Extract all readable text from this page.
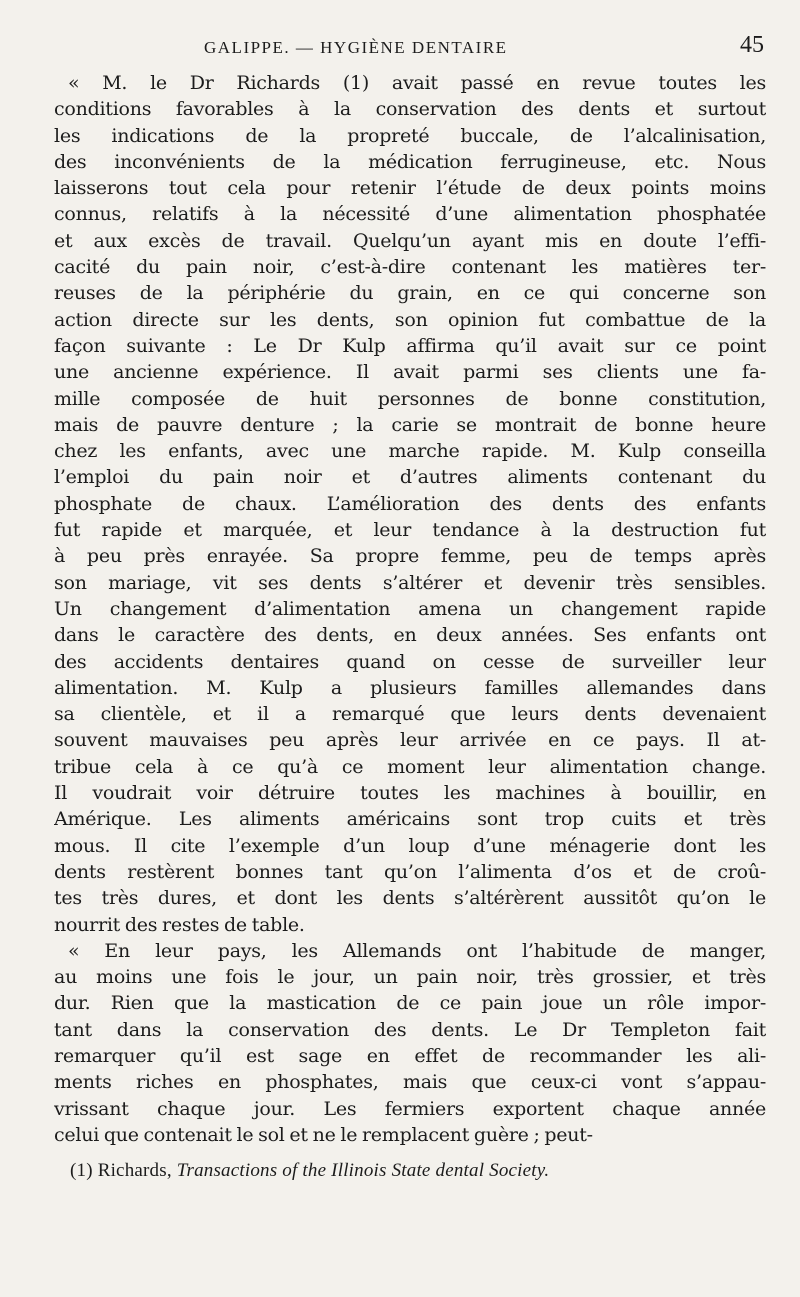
GALIPPE. — HYGIÈNE DENTAIRE	45
« M. le Dr Richards (1) avait passé en revue toutes les
conditions favorables à la conservation des dents et surtout
les indications de la propreté buccale, de l’alcalinisation,
des inconvénients de la médication ferrugineuse, etc. Nous
laisserons tout cela pour retenir l’étude de deux points moins
connus, relatifs à la nécessité d’une alimentation phosphatée
et aux excès de travail. Quelqu’un ayant mis en doute l’effi-
cacité du pain noir, c’est-à-dire contenant les matières ter-
reuses de la périphérie du grain, en ce qui concerne son
action directe sur les dents, son opinion fut combattue de la
façon suivante : Le Dr Kulp affirma qu’il avait sur ce point
une ancienne expérience. Il avait parmi ses clients une fa-
mille composée de huit personnes de bonne constitution,
mais de pauvre denture ; la carie se montrait de bonne heure
chez les enfants, avec une marche rapide. M. Kulp conseilla
l’emploi du pain noir et d’autres aliments contenant du
phosphate de chaux. L’amélioration des dents des enfants
fut rapide et marquée, et leur tendance à la destruction fut
à peu près enrayée. Sa propre femme, peu de temps après
son mariage, vit ses dents s’altérer et devenir très sensibles.
Un changement d’alimentation amena un changement rapide
dans le caractère des dents, en deux années. Ses enfants ont
des accidents dentaires quand on cesse de surveiller leur
alimentation. M. Kulp a plusieurs familles allemandes dans
sa clientèle, et il a remarqué que leurs dents devenaient
souvent mauvaises peu après leur arrivée en ce pays. Il at-
tribue cela à ce qu’à ce moment leur alimentation change.
Il voudrait voir détruire toutes les machines à bouillir, en
Amérique. Les aliments américains sont trop cuits et très
mous. Il cite l’exemple d’un loup d’une ménagerie dont les
dents restèrent bonnes tant qu’on l’alimenta d’os et de croû-
tes très dures, et dont les dents s’altérèrent aussitôt qu’on le
nourrit des restes de table.
« En leur pays, les Allemands ont l’habitude de manger,
au moins une fois le jour, un pain noir, très grossier, et très
dur. Rien que la mastication de ce pain joue un rôle impor-
tant dans la conservation des dents. Le Dr Templeton fait
remarquer qu’il est sage en effet de recommander les ali-
ments riches en phosphates, mais que ceux-ci vont s’appau-
vrissant chaque jour. Les fermiers exportent chaque année
celui que contenait le sol et ne le remplacent guère ; peut-
(1) Richards, Transactions of the Illinois State dental Society.
